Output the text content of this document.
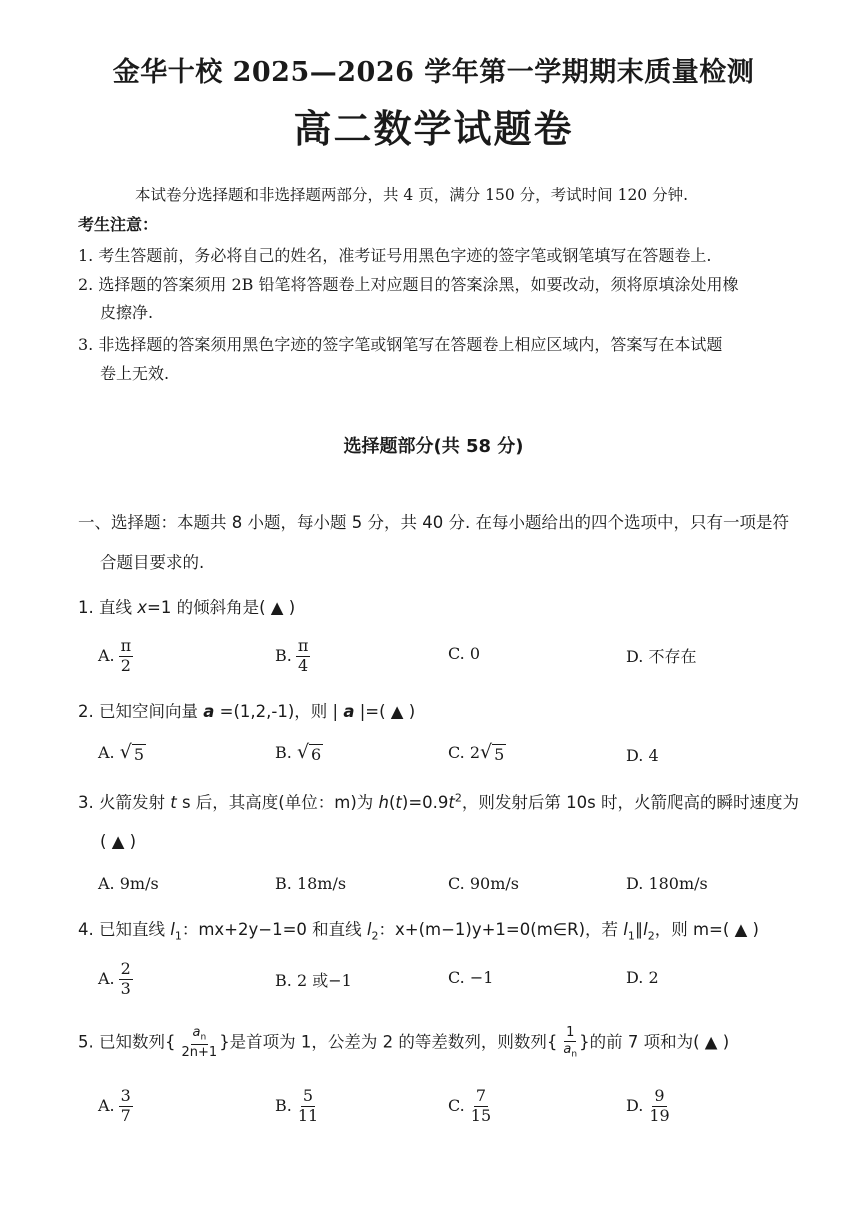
金华十校 2025—2026 学年第一学期期末质量检测
高二数学试题卷
本试卷分选择题和非选择题两部分，共 4 页，满分 150 分，考试时间 120 分钟.
考生注意：
1. 考生答题前，务必将自己的姓名，准考证号用黑色字迹的签字笔或钢笔填写在答题卷上.
2. 选择题的答案须用 2B 铅笔将答题卷上对应题目的答案涂黑，如要改动，须将原填涂处用橡
皮擦净.
3. 非选择题的答案须用黑色字迹的签字笔或钢笔写在答题卷上相应区域内，答案写在本试题
卷上无效.
选择题部分(共 58 分)
一、选择题：本题共 8 小题，每小题 5 分，共 40 分. 在每小题给出的四个选项中，只有一项是符
合题目要求的.
1. 直线 x=1 的倾斜角是( ▲ )
A. $\frac{\pi}{2}$	B. $\frac{\pi}{4}$	C. 0	D. 不存在
2. 已知空间向量 a =(1,2,-1)，则 | a |=( ▲ )
A. √ 5	B. √ 6	C. 2 √ 5	D. 4
3. 火箭发射 t s 后，其高度(单位：m)为 $h(t)=0.9t^2$，则发射后第 10s 时，火箭爬高的瞬时速度为
( ▲ )
A. 9m/s	B. 18m/s	C. 90m/s	D. 180m/s
4. 已知直线 $l_1$：mx+2y−1=0 和直线 $l_2$：x+(m−1)y+1=0(m∈R)，若 $l_1\parallel l_2$，则 m=( ▲ )
A. $\frac{2}{3}$	B. 2 或−1	C. −1	D. 2
5. 已知数列{ $\frac{a_n}{2n+1}$ }是首项为 1，公差为 2 的等差数列，则数列{ $\frac{1}{a_n}$ }的前 7 项和为( ▲ )
A. $\frac{3}{7}$	B. $\frac{5}{11}$	C. $\frac{7}{15}$	D. $\frac{9}{19}$
